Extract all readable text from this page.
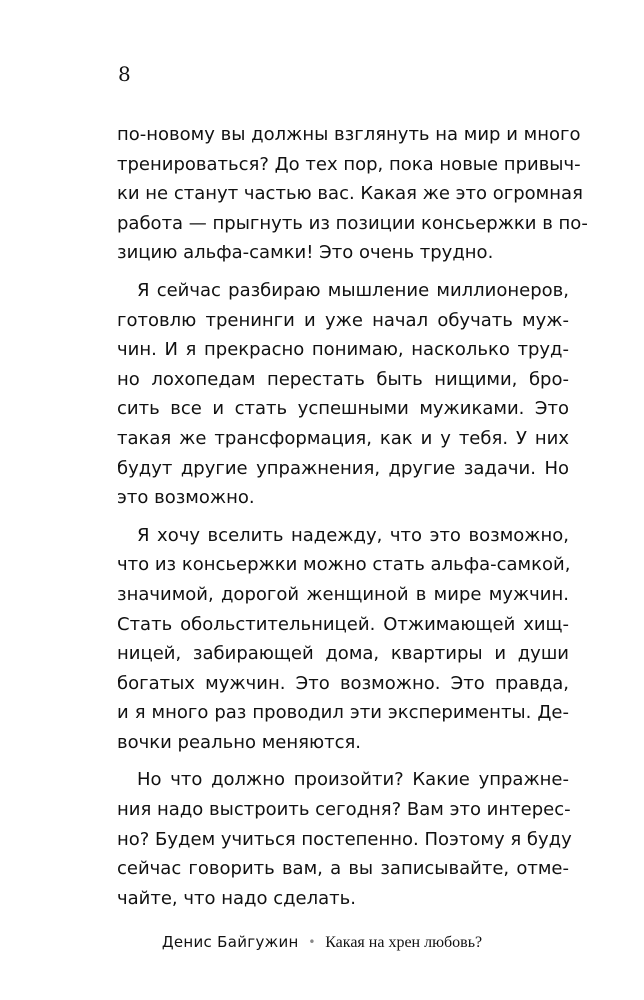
8
по-новому вы должны взглянуть на мир и много
тренироваться? До тех пор, пока новые привыч-
ки не станут частью вас. Какая же это огромная
работа — прыгнуть из позиции консьержки в по-
зицию альфа-самки! Это очень трудно.
Я сейчас разбираю мышление миллионеров,
готовлю тренинги и уже начал обучать муж-
чин. И я прекрасно понимаю, насколько труд-
но лохопедам перестать быть нищими, бро-
сить все и стать успешными мужиками. Это
такая же трансформация, как и у тебя. У них
будут другие упражнения, другие задачи. Но
это возможно.
Я хочу вселить надежду, что это возможно,
что из консьержки можно стать альфа-самкой,
значимой, дорогой женщиной в мире мужчин.
Стать обольстительницей. Отжимающей хищ-
ницей, забирающей дома, квартиры и души
богатых мужчин. Это возможно. Это правда,
и я много раз проводил эти эксперименты. Де-
вочки реально меняются.
Но что должно произойти? Какие упражне-
ния надо выстроить сегодня? Вам это интерес-
но? Будем учиться постепенно. Поэтому я буду
сейчас говорить вам, а вы записывайте, отме-
чайте, что надо сделать.
Денис Байгужин • Какая на хрен любовь?
